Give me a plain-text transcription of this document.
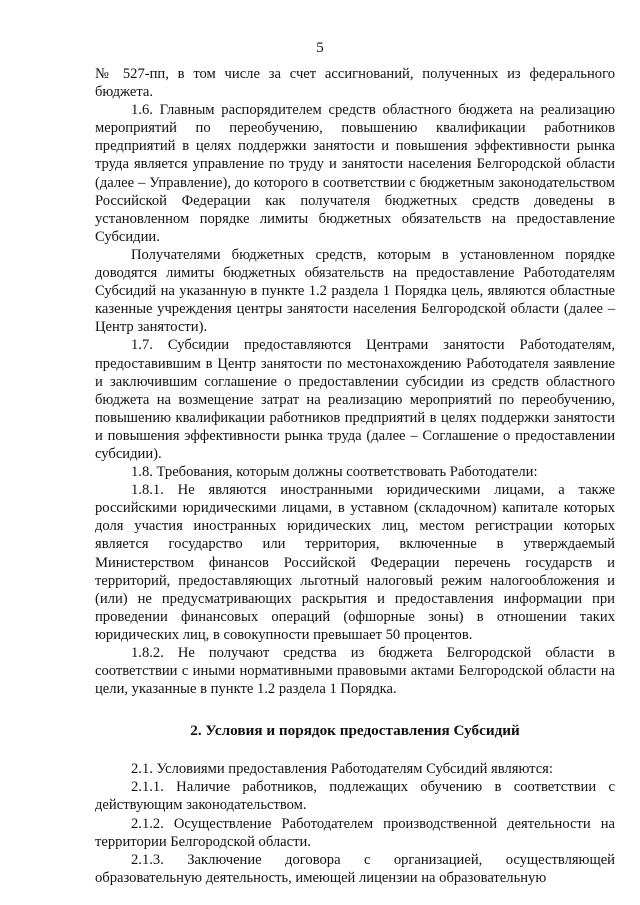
5

№ 527-пп, в том числе за счет ассигнований, полученных из федерального бюджета.

1.6. Главным распорядителем средств областного бюджета на реализацию мероприятий по переобучению, повышению квалификации работников предприятий в целях поддержки занятости и повышения эффективности рынка труда является управление по труду и занятости населения Белгородской области (далее – Управление), до которого в соответствии с бюджетным законодательством Российской Федерации как получателя бюджетных средств доведены в установленном порядке лимиты бюджетных обязательств на предоставление Субсидии.

Получателями бюджетных средств, которым в установленном порядке доводятся лимиты бюджетных обязательств на предоставление Работодателям Субсидий на указанную в пункте 1.2 раздела 1 Порядка цель, являются областные казенные учреждения центры занятости населения Белгородской области (далее – Центр занятости).

1.7. Субсидии предоставляются Центрами занятости Работодателям, предоставившим в Центр занятости по местонахождению Работодателя заявление и заключившим соглашение о предоставлении субсидии из средств областного бюджета на возмещение затрат на реализацию мероприятий по переобучению, повышению квалификации работников предприятий в целях поддержки занятости и повышения эффективности рынка труда (далее – Соглашение о предоставлении субсидии).

1.8. Требования, которым должны соответствовать Работодатели:

1.8.1. Не являются иностранными юридическими лицами, а также российскими юридическими лицами, в уставном (складочном) капитале которых доля участия иностранных юридических лиц, местом регистрации которых является государство или территория, включенные в утверждаемый Министерством финансов Российской Федерации перечень государств и территорий, предоставляющих льготный налоговый режим налогообложения и (или) не предусматривающих раскрытия и предоставления информации при проведении финансовых операций (офшорные зоны) в отношении таких юридических лиц, в совокупности превышает 50 процентов.

1.8.2. Не получают средства из бюджета Белгородской области в соответствии с иными нормативными правовыми актами Белгородской области на цели, указанные в пункте 1.2 раздела 1 Порядка.

2. Условия и порядок предоставления Субсидий

2.1. Условиями предоставления Работодателям Субсидий являются:

2.1.1. Наличие работников, подлежащих обучению в соответствии с действующим законодательством.

2.1.2. Осуществление Работодателем производственной деятельности на территории Белгородской области.

2.1.3. Заключение договора с организацией, осуществляющей образовательную деятельность, имеющей лицензии на образовательную
